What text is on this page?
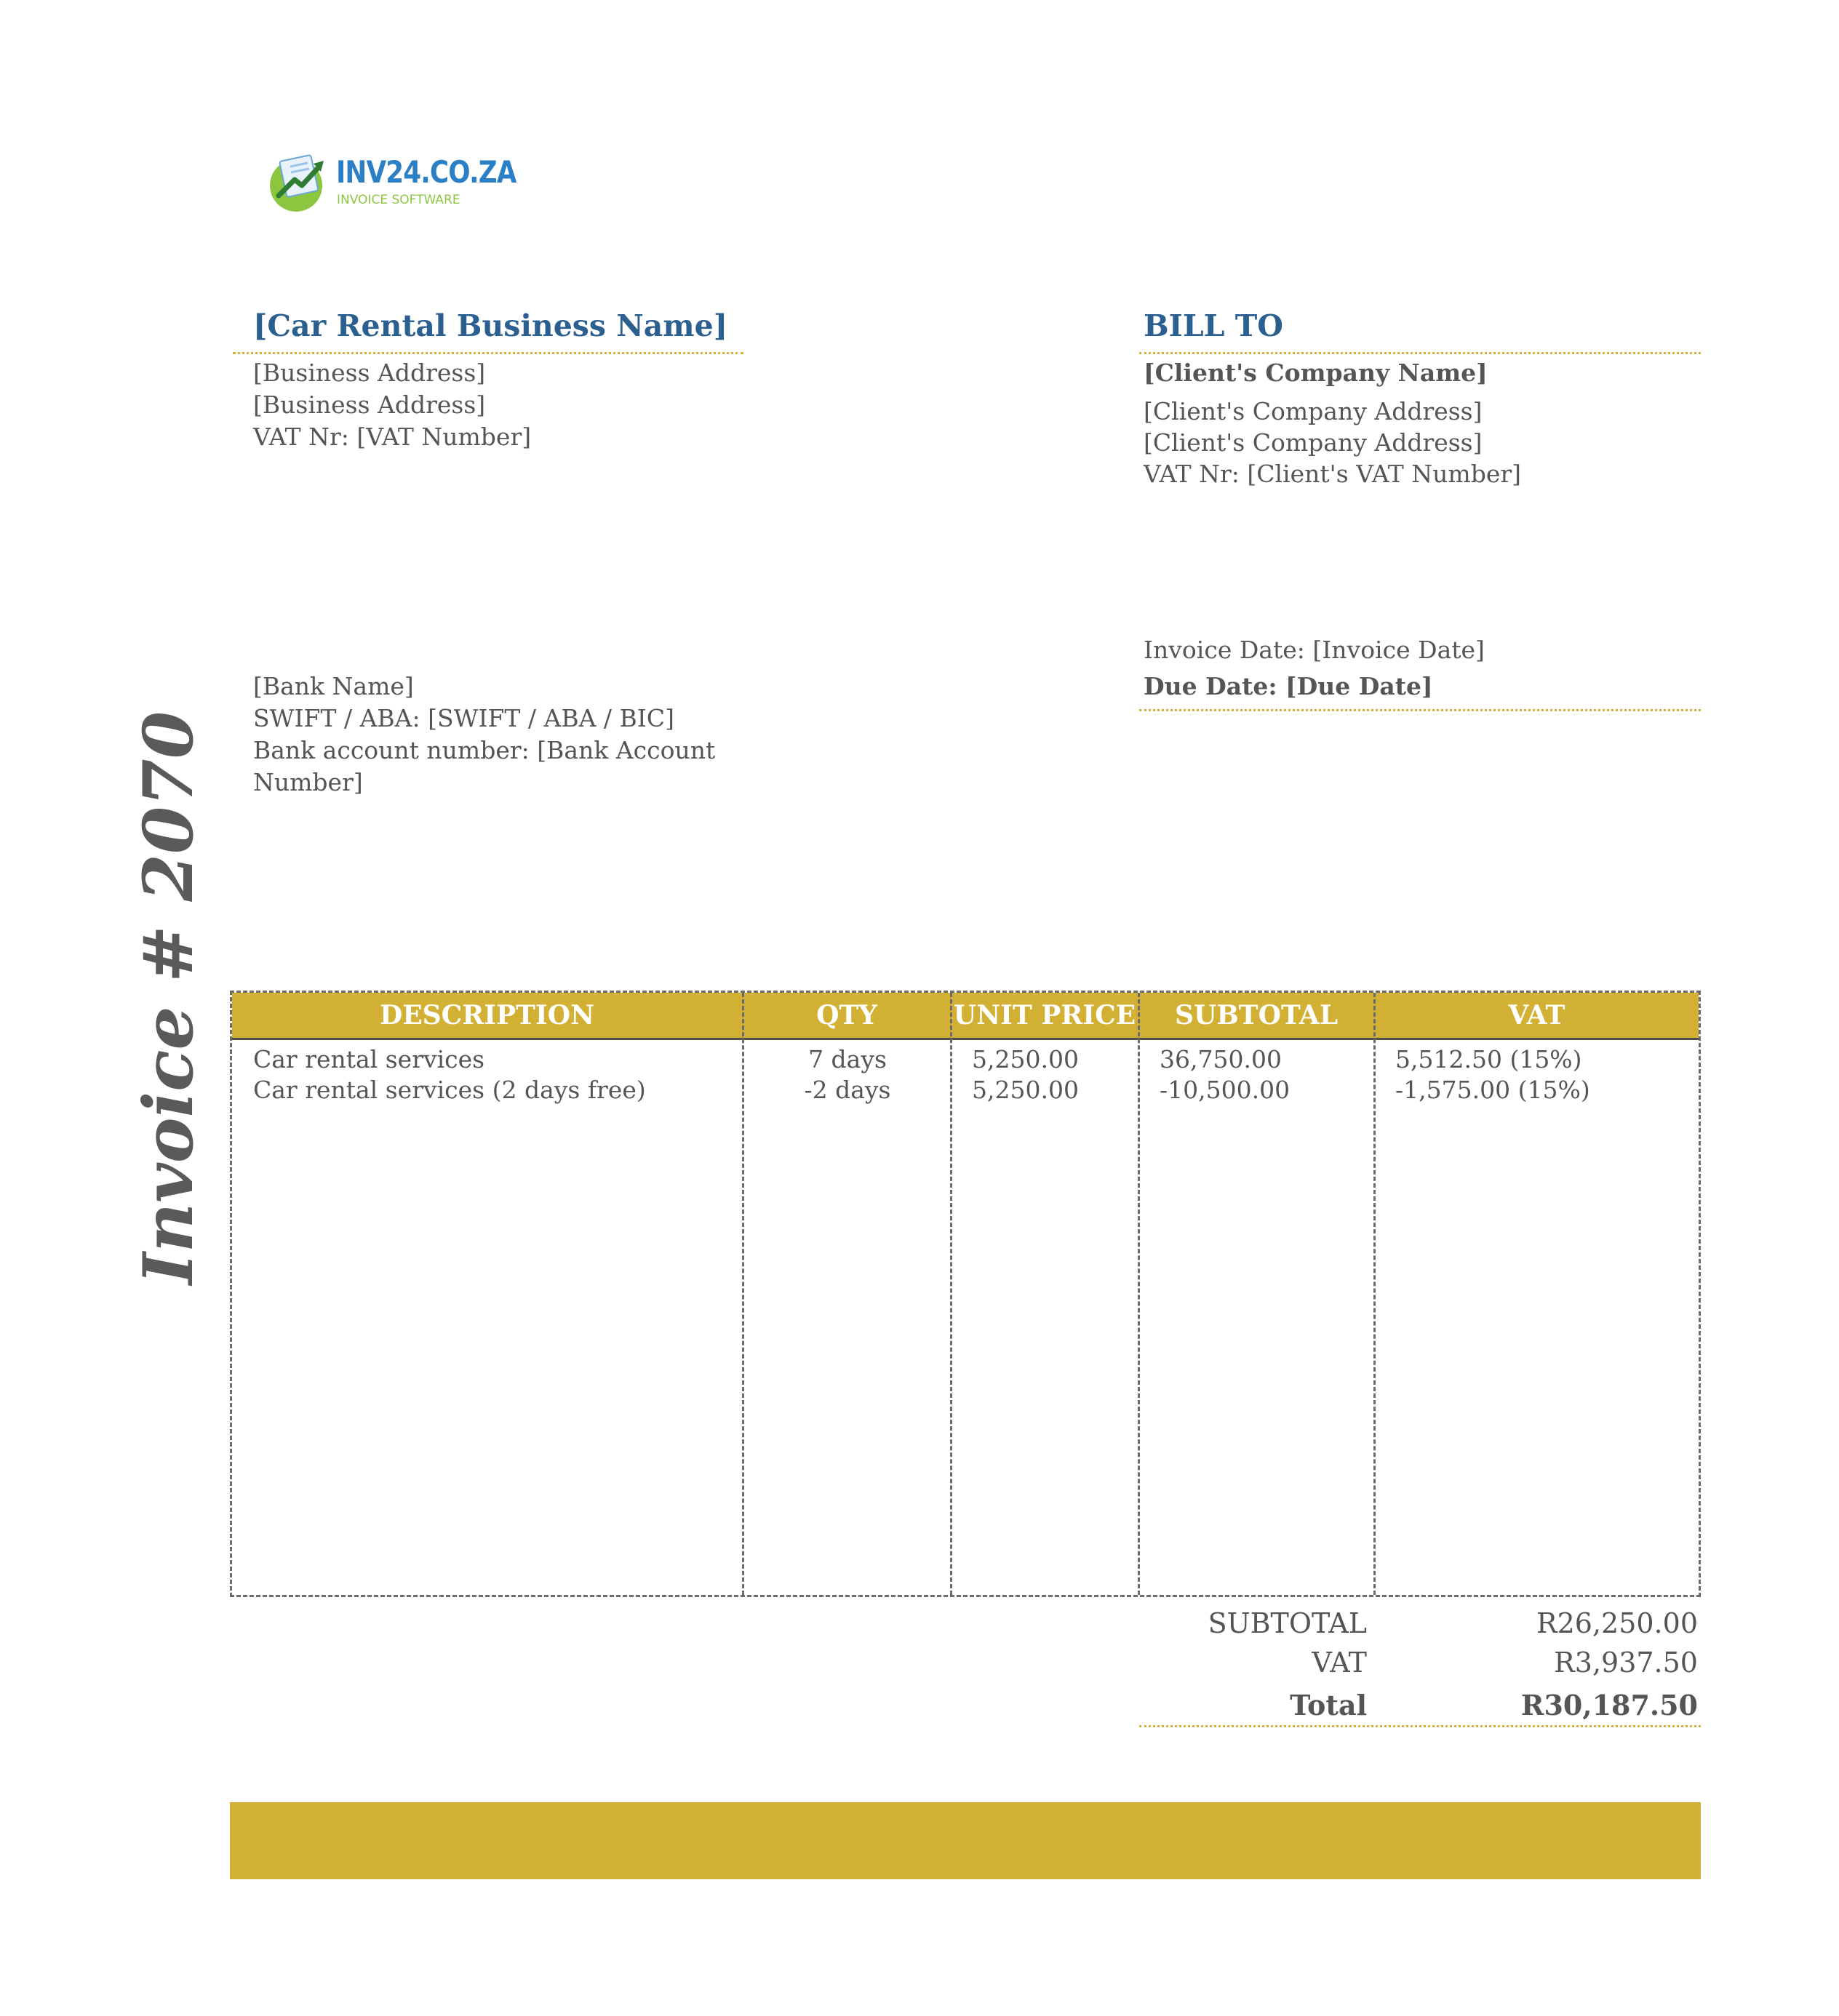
INV24.CO.ZA
INVOICE SOFTWARE
[Car Rental Business Name]
[Business Address]
[Business Address]
VAT Nr: [VAT Number]
BILL TO
[Client's Company Name]
[Client's Company Address]
[Client's Company Address]
VAT Nr: [Client's VAT Number]
[Bank Name]
SWIFT / ABA: [SWIFT / ABA / BIC]
Bank account number: [Bank Account
Number]
Invoice Date: [Invoice Date]
Due Date: [Due Date]
Invoice # 2070	DESCRIPTION	QTY	UNIT PRICE	SUBTOTAL	VAT
Car rental services	7 days	5,250.00	36,750.00	5,512.50 (15%)
Car rental services (2 days free)	-2 days	5,250.00	-10,500.00	-1,575.00 (15%)
SUBTOTAL	R26,250.00
VAT	R3,937.50
Total	R30,187.50
